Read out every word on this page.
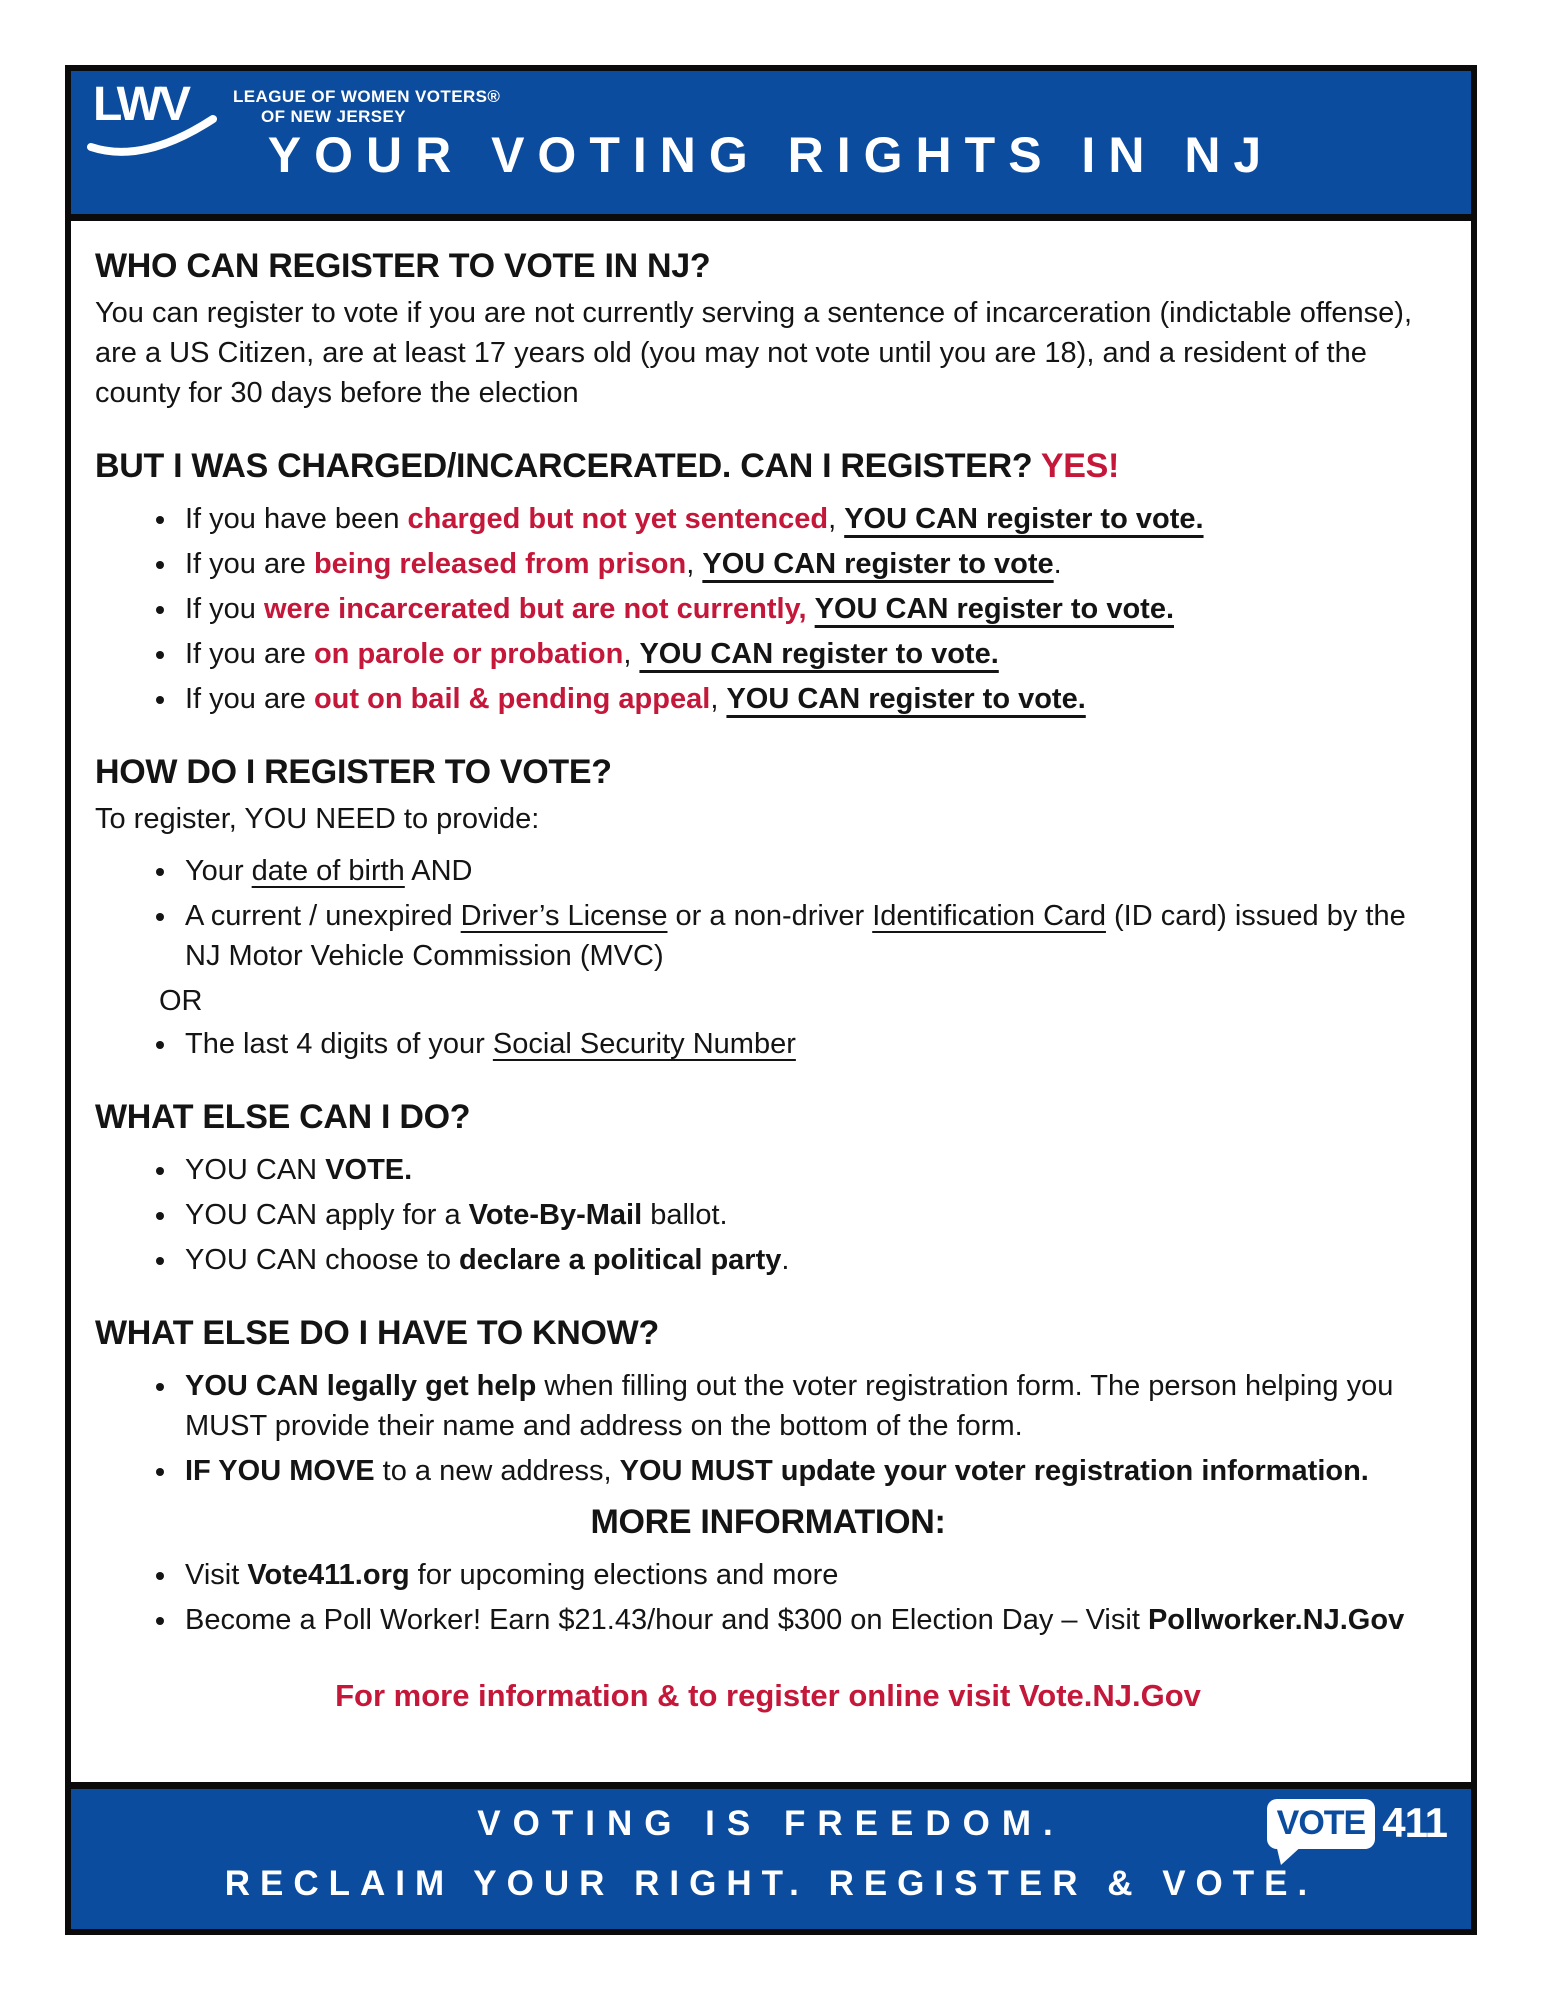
LWV	LEAGUE OF WOMEN VOTERS®
OF NEW JERSEY
YOUR VOTING RIGHTS IN NJ
WHO CAN REGISTER TO VOTE IN NJ?

You can register to vote if you are not currently serving a sentence of incarceration (indictable offense), are a US Citizen, are at least 17 years old (you may not vote until you are 18), and a resident of the county for 30 days before the election

BUT I WAS CHARGED/INCARCERATED. CAN I REGISTER? YES!
• If you have been charged but not yet sentenced, YOU CAN register to vote.
• If you are being released from prison, YOU CAN register to vote.
• If you were incarcerated but are not currently, YOU CAN register to vote.
• If you are on parole or probation, YOU CAN register to vote.
• If you are out on bail & pending appeal, YOU CAN register to vote.
HOW DO I REGISTER TO VOTE?

To register, YOU NEED to provide:

• Your date of birth AND
• A current / unexpired Driver’s License or a non-driver Identification Card (ID card) issued by the NJ Motor Vehicle Commission (MVC)
OR
• The last 4 digits of your Social Security Number
WHAT ELSE CAN I DO?
• YOU CAN VOTE.
• YOU CAN apply for a Vote-By-Mail ballot.
• YOU CAN choose to declare a political party.
WHAT ELSE DO I HAVE TO KNOW?
• YOU CAN legally get help when filling out the voter registration form. The person helping you MUST provide their name and address on the bottom of the form.
• IF YOU MOVE to a new address, YOU MUST update your voter registration information.
MORE INFORMATION:
• Visit Vote411.org for upcoming elections and more
• Become a Poll Worker! Earn $21.43/hour and $300 on Election Day – Visit Pollworker.NJ.Gov
For more information & to register online visit Vote.NJ.Gov
VOTING IS FREEDOM.
RECLAIM YOUR RIGHT. REGISTER & VOTE.
VOTE 411
